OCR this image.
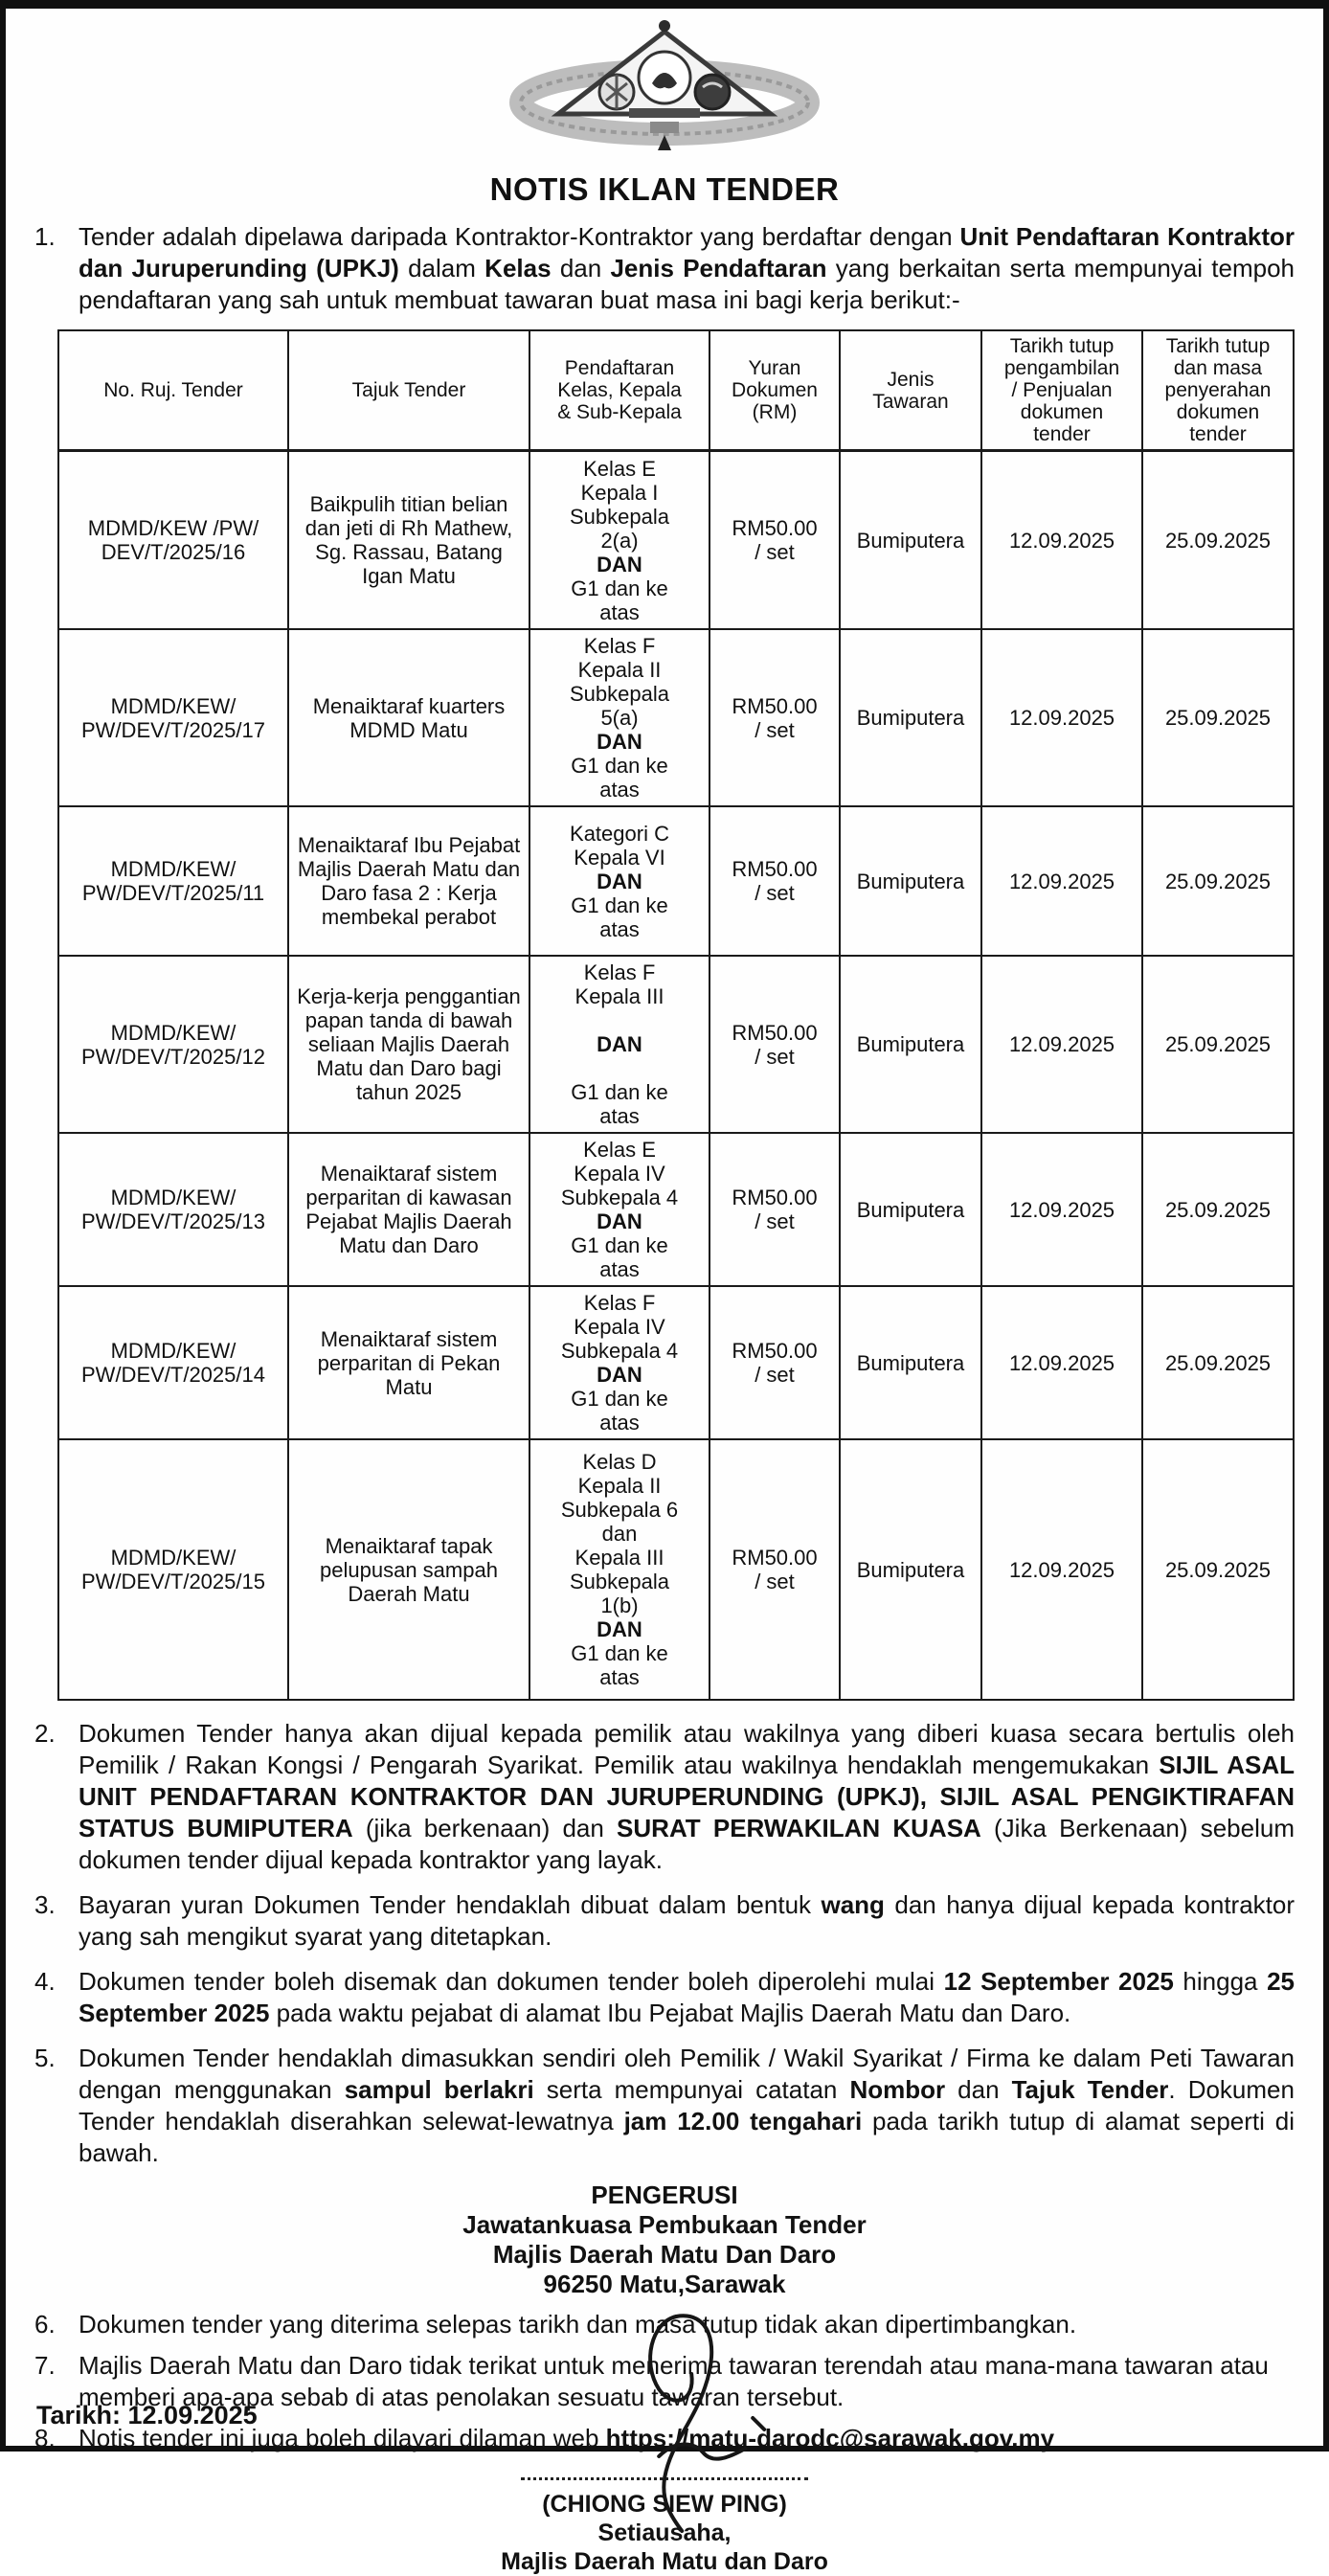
NOTIS IKLAN TENDER
1. Tender adalah dipelawa daripada Kontraktor-Kontraktor yang berdaftar dengan Unit Pendaftaran Kontraktor dan Juruperunding (UPKJ) dalam Kelas dan Jenis Pendaftaran yang berkaitan serta mempunyai tempoh pendaftaran yang sah untuk membuat tawaran buat masa ini bagi kerja berikut:-
No. Ruj. Tender	Tajuk Tender	Pendaftaran
Kelas, Kepala
& Sub-Kepala	Yuran
Dokumen
(RM)	Jenis
Tawaran	Tarikh tutup
pengambilan
/ Penjualan
dokumen
tender	Tarikh tutup
dan masa
penyerahan
dokumen
tender
MDMD/KEW /PW/
DEV/T/2025/16	Baikpulih titian belian dan jeti di Rh Mathew, Sg. Rassau, Batang Igan Matu	Kelas E
Kepala I
Subkepala
2(a)
DAN
G1 dan ke
atas	RM50.00
/ set	Bumiputera	12.09.2025	25.09.2025
MDMD/KEW/
PW/DEV/T/2025/17	Menaiktaraf kuarters MDMD Matu	Kelas F
Kepala II
Subkepala
5(a)
DAN
G1 dan ke
atas	RM50.00
/ set	Bumiputera	12.09.2025	25.09.2025
MDMD/KEW/
PW/DEV/T/2025/11	Menaiktaraf Ibu Pejabat Majlis Daerah Matu dan Daro fasa 2 : Kerja membekal perabot	Kategori C
Kepala VI
DAN
G1 dan ke
atas	RM50.00
/ set	Bumiputera	12.09.2025	25.09.2025
MDMD/KEW/
PW/DEV/T/2025/12	Kerja-kerja penggantian papan tanda di bawah seliaan Majlis Daerah Matu dan Daro bagi tahun 2025	Kelas F
Kepala III

DAN

G1 dan ke
atas	RM50.00
/ set	Bumiputera	12.09.2025	25.09.2025
MDMD/KEW/
PW/DEV/T/2025/13	Menaiktaraf sistem perparitan di kawasan Pejabat Majlis Daerah Matu dan Daro	Kelas E
Kepala IV
Subkepala 4
DAN
G1 dan ke
atas	RM50.00
/ set	Bumiputera	12.09.2025	25.09.2025
MDMD/KEW/
PW/DEV/T/2025/14	Menaiktaraf sistem perparitan di Pekan Matu	Kelas F
Kepala IV
Subkepala 4
DAN
G1 dan ke
atas	RM50.00
/ set	Bumiputera	12.09.2025	25.09.2025
MDMD/KEW/
PW/DEV/T/2025/15	Menaiktaraf tapak pelupusan sampah Daerah Matu	Kelas D
Kepala II
Subkepala 6
dan
Kepala III
Subkepala
1(b)
DAN
G1 dan ke
atas	RM50.00
/ set	Bumiputera	12.09.2025	25.09.2025
2. Dokumen Tender hanya akan dijual kepada pemilik atau wakilnya yang diberi kuasa secara bertulis oleh Pemilik / Rakan Kongsi / Pengarah Syarikat. Pemilik atau wakilnya hendaklah mengemukakan SIJIL ASAL UNIT PENDAFTARAN KONTRAKTOR DAN JURUPERUNDING (UPKJ), SIJIL ASAL PENGIKTIRAFAN STATUS BUMIPUTERA (jika berkenaan) dan SURAT PERWAKILAN KUASA (Jika Berkenaan) sebelum dokumen tender dijual kepada kontraktor yang layak.
3. Bayaran yuran Dokumen Tender hendaklah dibuat dalam bentuk wang dan hanya dijual kepada kontraktor yang sah mengikut syarat yang ditetapkan.
4. Dokumen tender boleh disemak dan dokumen tender boleh diperolehi mulai 12 September 2025 hingga 25 September 2025 pada waktu pejabat di alamat Ibu Pejabat Majlis Daerah Matu dan Daro.
5. Dokumen Tender hendaklah dimasukkan sendiri oleh Pemilik / Wakil Syarikat / Firma ke dalam Peti Tawaran dengan menggunakan sampul berlakri serta mempunyai catatan Nombor dan Tajuk Tender. Dokumen Tender hendaklah diserahkan selewat-lewatnya jam 12.00 tengahari pada tarikh tutup di alamat seperti di bawah.
PENGERUSI
Jawatankuasa Pembukaan Tender
Majlis Daerah Matu Dan Daro
96250 Matu,Sarawak
6. Dokumen tender yang diterima selepas tarikh dan masa tutup tidak akan dipertimbangkan.
7. Majlis Daerah Matu dan Daro tidak terikat untuk menerima tawaran terendah atau mana-mana tawaran atau memberi apa-apa sebab di atas penolakan sesuatu tawaran tersebut.
8. Notis tender ini juga boleh dilayari dilaman web https://matu-darodc@sarawak.gov.my
(CHIONG SIEW PING)
Setiausaha,
Majlis Daerah Matu dan Daro
Tarikh: 12.09.2025
